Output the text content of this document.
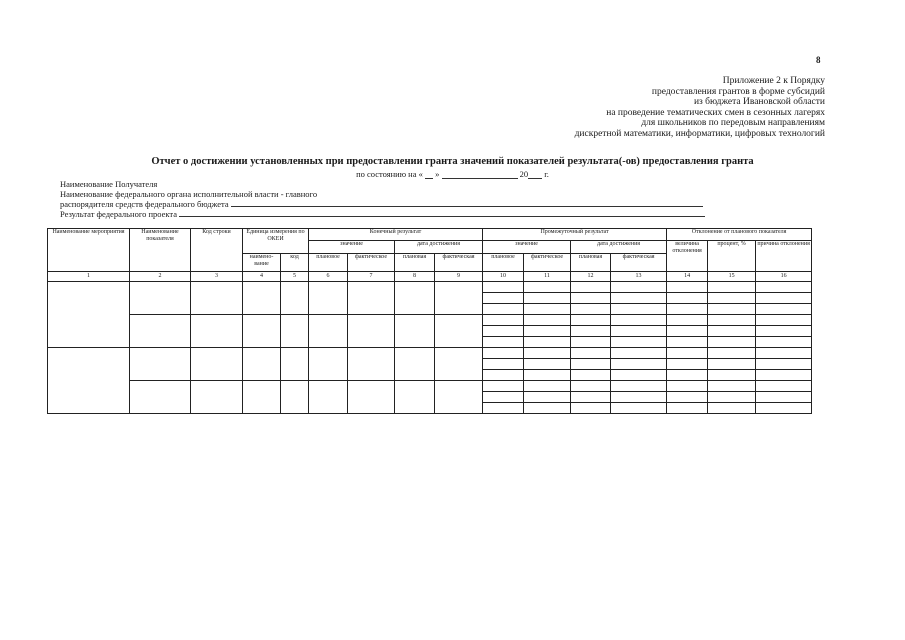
8
Приложение 2 к Порядку
предоставления грантов в форме субсидий
из бюджета Ивановской области
на проведение тематических смен в сезонных лагерях
для школьников по передовым направлениям
дискретной математики, информатики, цифровых технологий
Отчет о достижении установленных при предоставлении гранта значений показателей результата(-ов) предоставления гранта
по состоянию на « »	20 г.
Наименование Получателя
Наименование федерального органа исполнительной власти - главного
распорядителя средств федерального бюджета
Результат федерального проекта
Наименование мероприятия	Наименование показателя	Код строки	Единица измерения по ОКЕИ		Конечный результат				Промежуточный результат				Отклонение от планового показателя		
					значение		дата достижения		значение		дата достижения		величина отклонения	процент, %	причина отклонения
			наимено-вание	код	плановое	фактическое	плановая	фактическая	плановое	фактическое	плановая	фактическая			
1	2	3	4	5	6	7	8	9	10	11	12	13	14	15	16
